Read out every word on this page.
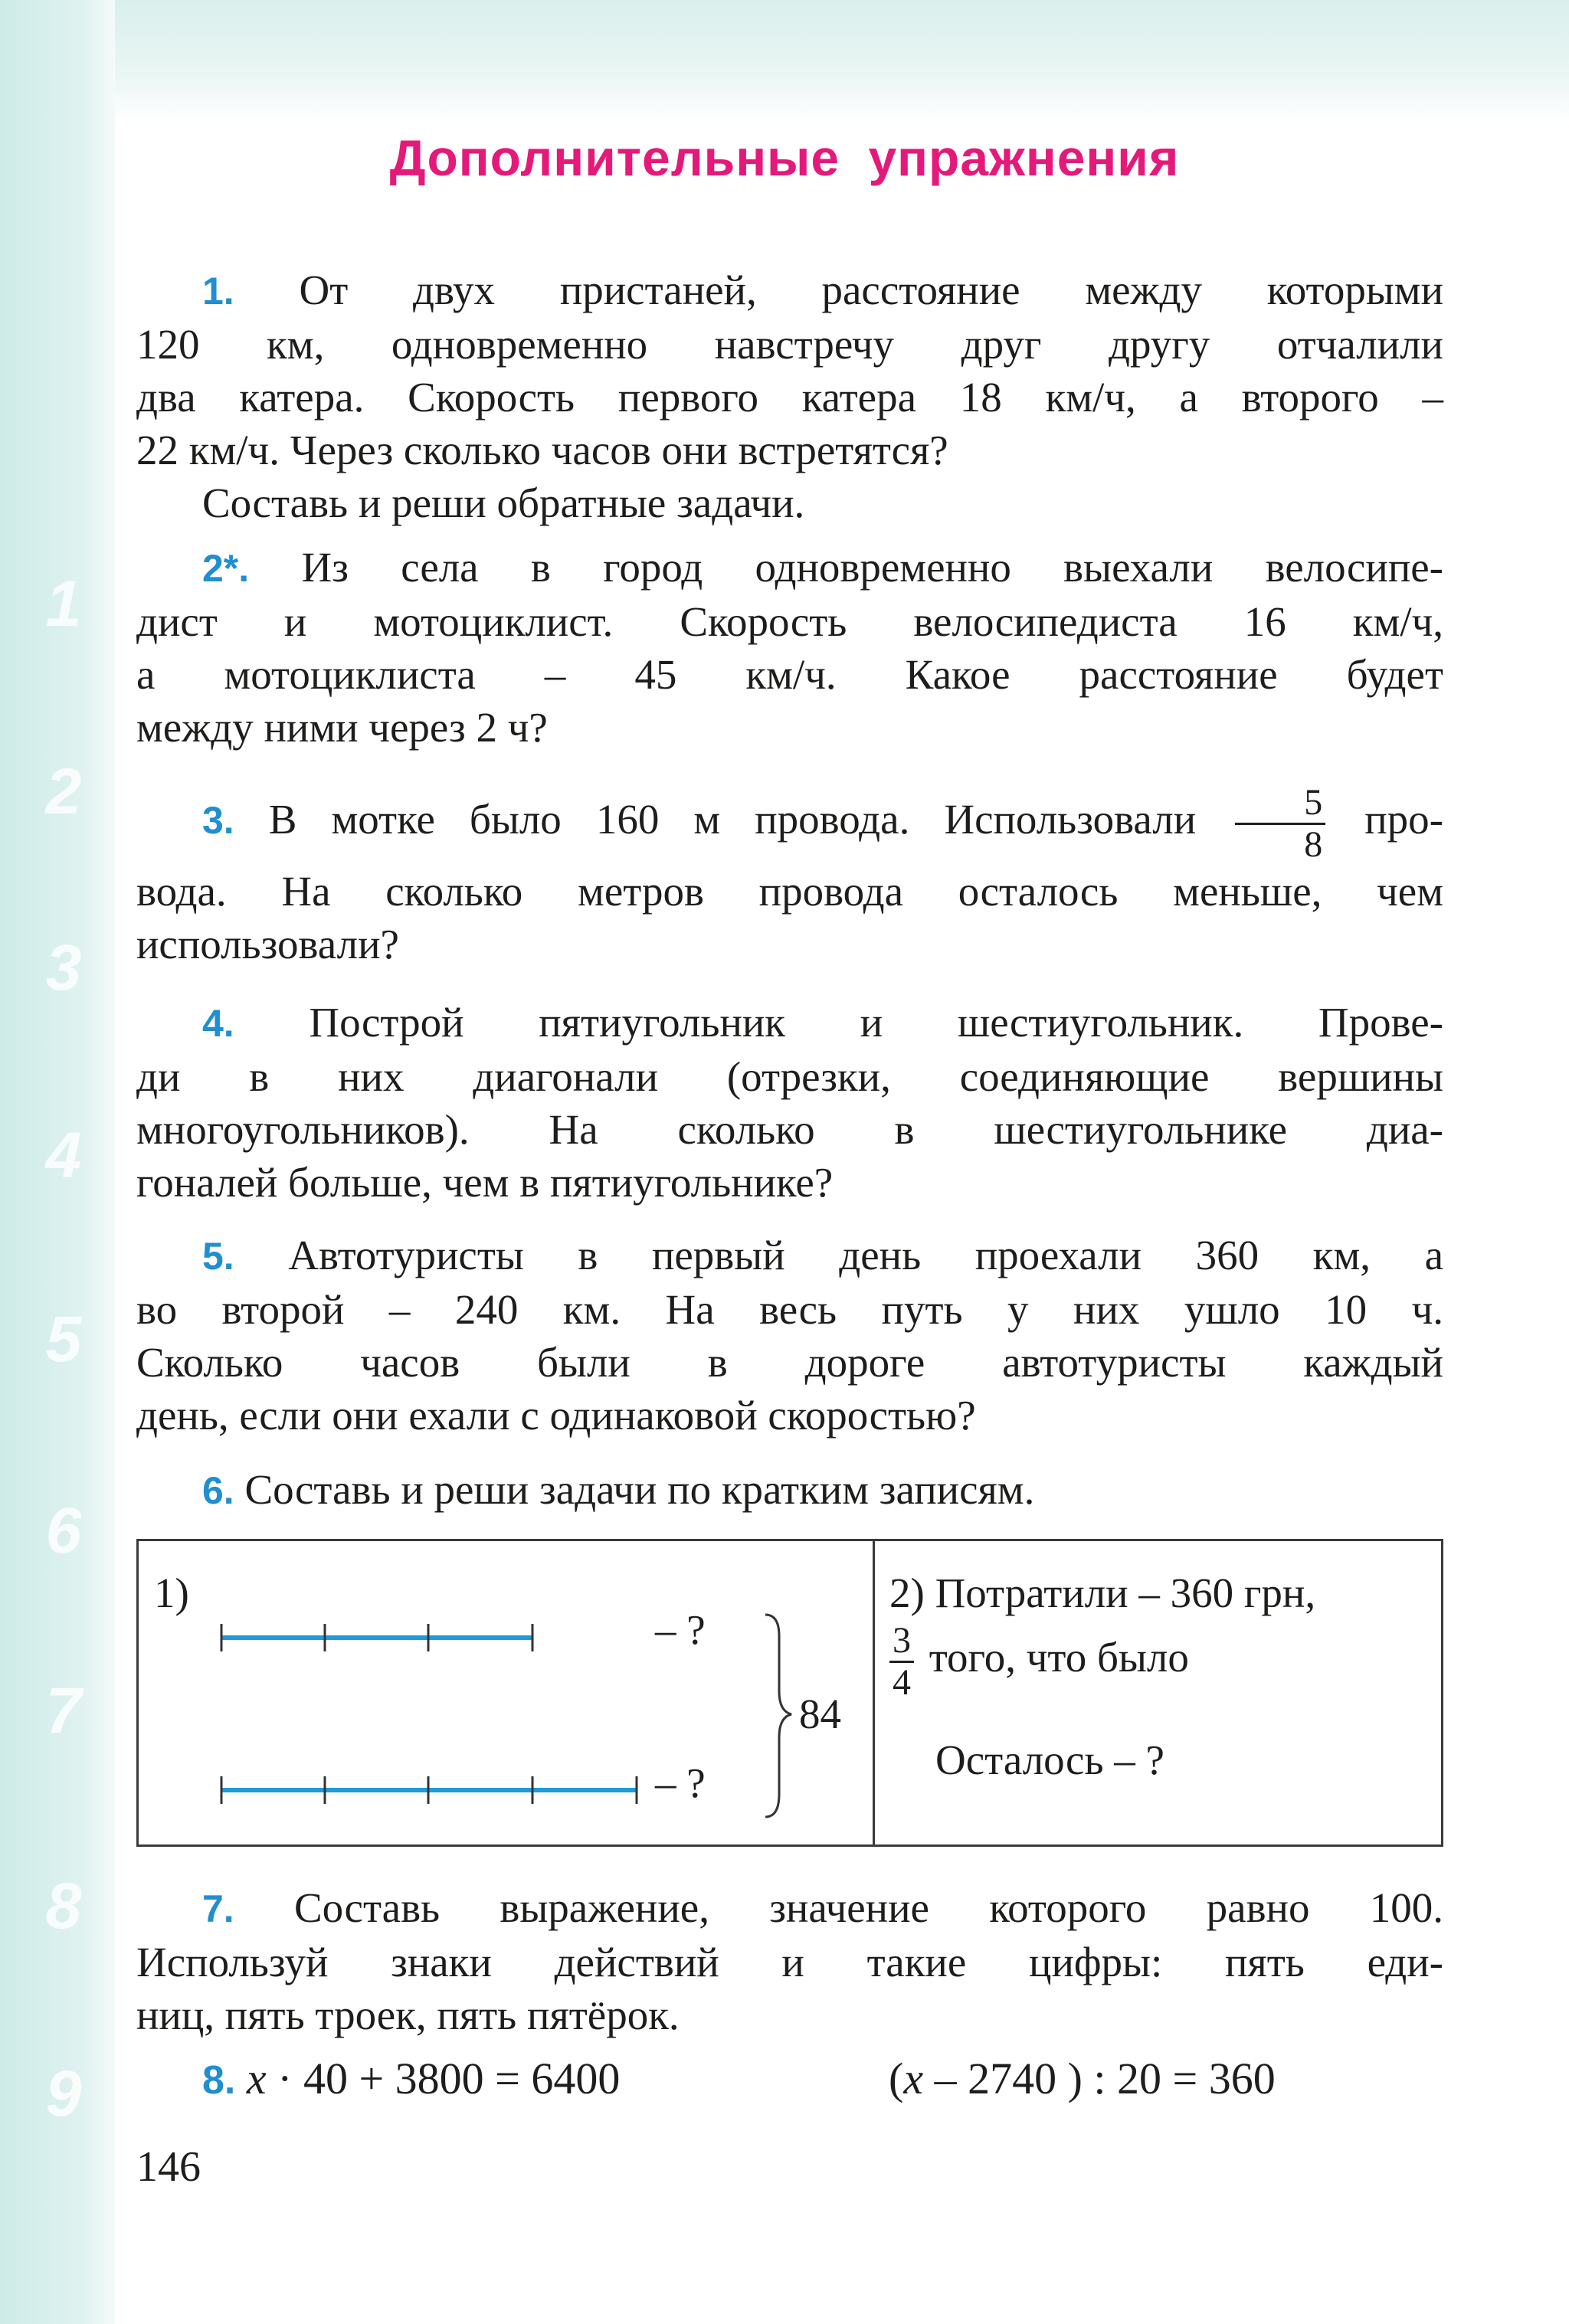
1
2
3
4
5
6
7
8
9
Дополнительные упражнения
1. От двух пристаней, расстояние между которыми
120 км, одновременно навстречу друг другу отчалили
два катера. Скорость первого катера 18 км/ч, а второго –
22 км/ч. Через сколько часов они встретятся?
Составь и реши обратные задачи.
2*. Из села в город одновременно выехали велосипе-
дист и мотоциклист. Скорость велосипедиста 16 км/ч,
а мотоциклиста – 45 км/ч. Какое расстояние будет
между ними через 2 ч?
3. В мотке было 160 м провода. Использовали $\frac{5}{8} про-$
вода. На сколько метров провода осталось меньше, чем
использовали?
4. Построй пятиугольник и шестиугольник. Прове-
ди в них диагонали (отрезки, соединяющие вершины
многоугольников). На сколько в шестиугольнике диа-
гоналей больше, чем в пятиугольнике?
5. Автотуристы в первый день проехали 360 км, а
во второй – 240 км. На весь путь у них ушло 10 ч.
Сколько часов были в дороге автотуристы каждый
день, если они ехали с одинаковой скоростью?
6. Составь и реши задачи по кратким записям.
1)
– ?
– ?
84
2) Потратили – 360 грн,
$\frac{3}{4}$ того, что было
Осталось – ?
7. Составь выражение, значение которого равно 100.
Используй знаки действий и такие цифры: пять еди-
ниц, пять троек, пять пятёрок.
8. x · 40 + 3800 = 6400	(x – 2740 ) : 20 = 360
146
